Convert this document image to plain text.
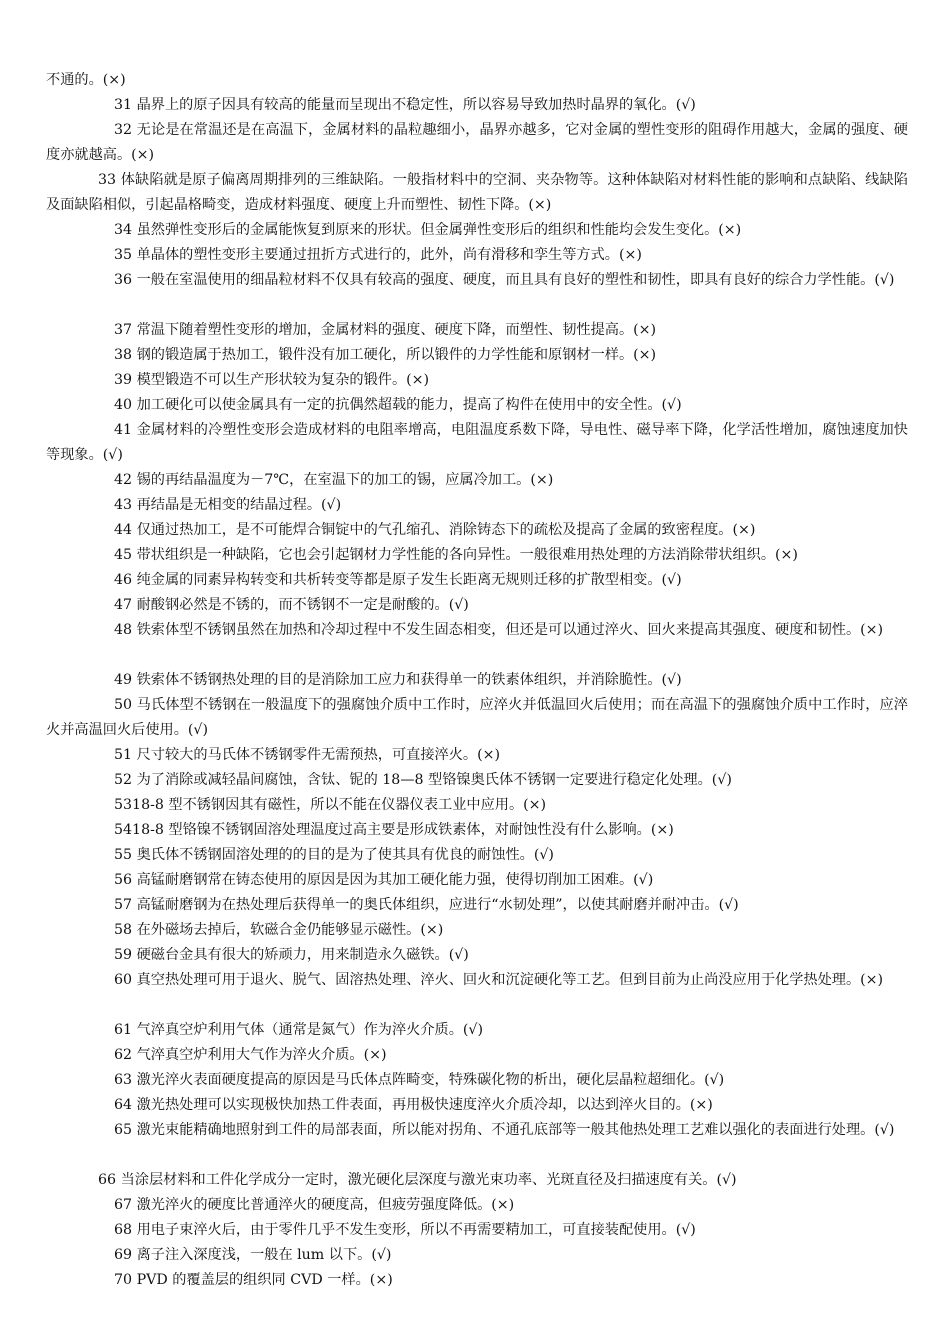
不通的。(×)

31 晶界上的原子因具有较高的能量而呈现出不稳定性，所以容易导致加热时晶界的氧化。(√)

32 无论是在常温还是在高温下，金属材料的晶粒趣细小，晶界亦越多，它对金属的塑性变形的阻碍作用越大，金属的强度、硬度亦就越高。(×)

33 体缺陷就是原子偏离周期排列的三维缺陷。一般指材料中的空洞、夹杂物等。这种体缺陷对材料性能的影响和点缺陷、线缺陷及面缺陷相似，引起晶格畸变，造成材料强度、硬度上升而塑性、韧性下降。(×)

34 虽然弹性变形后的金属能恢复到原来的形状。但金属弹性变形后的组织和性能均会发生变化。(×)

35 单晶体的塑性变形主要通过扭折方式进行的，此外，尚有滑移和孪生等方式。(×)

36 一般在室温使用的细晶粒材料不仅具有较高的强度、硬度，而且具有良好的塑性和韧性，即具有良好的综合力学性能。(√)

37 常温下随着塑性变形的增加，金属材料的强度、硬度下降，而塑性、韧性提高。(×)

38 钢的锻造属于热加工，锻件没有加工硬化，所以锻件的力学性能和原钢材一样。(×)

39 模型锻造不可以生产形状较为复杂的锻件。(×)

40 加工硬化可以使金属具有一定的抗偶然超载的能力，提高了构件在使用中的安全性。(√)

41 金属材料的冷塑性变形会造成材料的电阻率增高，电阻温度系数下降，导电性、磁导率下降，化学活性增加，腐蚀速度加快等现象。(√)

42 锡的再结晶温度为－7℃，在室温下的加工的锡，应属冷加工。(×)

43 再结晶是无相变的结晶过程。(√)

44 仅通过热加工，是不可能焊合铜锭中的气孔缩孔、消除铸态下的疏松及提高了金属的致密程度。(×)

45 带状组织是一种缺陷，它也会引起钢材力学性能的各向异性。一般很难用热处理的方法消除带状组织。(×)

46 纯金属的同素异构转变和共析转变等都是原子发生长距离无规则迁移的扩散型相变。(√)

47 耐酸钢必然是不锈的，而不锈钢不一定是耐酸的。(√)

48 铁索体型不锈钢虽然在加热和冷却过程中不发生固态相变，但还是可以通过淬火、回火来提高其强度、硬度和韧性。(×)

49 铁索体不锈钢热处理的目的是消除加工应力和获得单一的铁素体组织，并消除脆性。(√)

50 马氏体型不锈钢在一般温度下的强腐蚀介质中工作时，应淬火并低温回火后使用；而在高温下的强腐蚀介质中工作时，应淬火并高温回火后使用。(√)

51 尺寸较大的马氏体不锈钢零件无需预热，可直接淬火。(×)

52 为了消除或减轻晶间腐蚀，含钛、铌的 18—8 型铬镍奥氏体不锈钢一定要进行稳定化处理。(√)

5318-8 型不锈钢因其有磁性，所以不能在仪器仪表工业中应用。(×)

5418-8 型铬镍不锈钢固溶处理温度过高主要是形成铁素体，对耐蚀性没有什么影响。(×)

55 奥氏体不锈钢固溶处理的的目的是为了使其具有优良的耐蚀性。(√)

56 高锰耐磨钢常在铸态使用的原因是因为其加工硬化能力强，使得切削加工困难。(√)

57 高锰耐磨钢为在热处理后获得单一的奥氏体组织，应进行“水韧处理”，以使其耐磨并耐冲击。(√)

58 在外磁场去掉后，软磁合金仍能够显示磁性。(×)

59 硬磁台金具有很大的矫顽力，用来制造永久磁铁。(√)

60 真空热处理可用于退火、脱气、固溶热处理、淬火、回火和沉淀硬化等工艺。但到目前为止尚没应用于化学热处理。(×)

61 气淬真空炉利用气体（通常是氮气）作为淬火介质。(√)

62 气淬真空炉利用大气作为淬火介质。(×)

63 激光淬火表面硬度提高的原因是马氏体点阵畸变，特殊碳化物的析出，硬化层晶粒超细化。(√)

64 激光热处理可以实现极快加热工件表面，再用极快速度淬火介质冷却，以达到淬火目的。(×)

65 激光束能精确地照射到工件的局部表面，所以能对拐角、不通孔底部等一般其他热处理工艺难以强化的表面进行处理。(√)

66 当涂层材料和工件化学成分一定时，激光硬化层深度与激光束功率、光斑直径及扫描速度有关。(√)

67 激光淬火的硬度比普通淬火的硬度高，但疲劳强度降低。(×)

68 用电子束淬火后，由于零件几乎不发生变形，所以不再需要精加工，可直接装配使用。(√)

69 离子注入深度浅，一般在 lum 以下。(√)

70 PVD 的覆盖层的组织同 CVD 一样。(×)
